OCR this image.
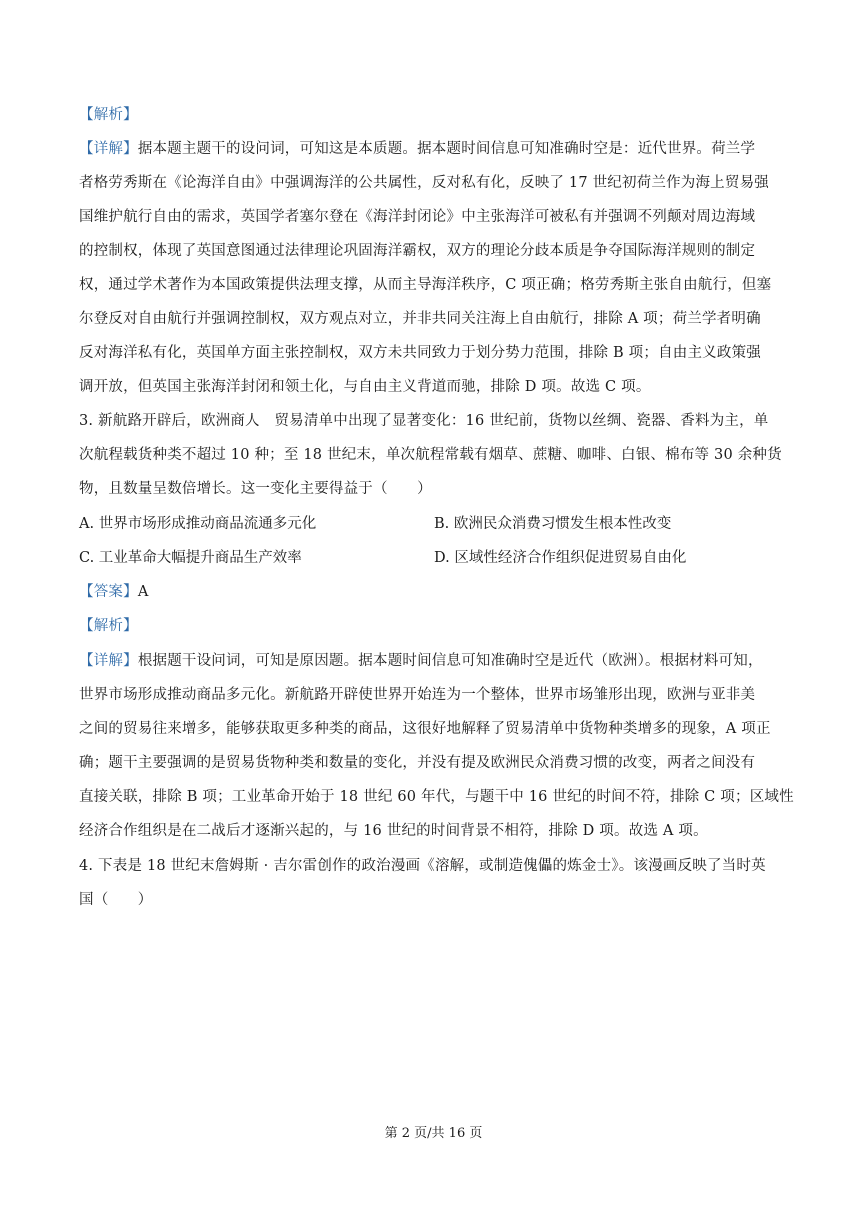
【解析】
【详解】据本题主题干的设问词，可知这是本质题。据本题时间信息可知准确时空是：近代世界。荷兰学
者格劳秀斯在《论海洋自由》中强调海洋的公共属性，反对私有化，反映了 17 世纪初荷兰作为海上贸易强
国维护航行自由的需求，英国学者塞尔登在《海洋封闭论》中主张海洋可被私有并强调不列颠对周边海域
的控制权，体现了英国意图通过法律理论巩固海洋霸权，双方的理论分歧本质是争夺国际海洋规则的制定
权，通过学术著作为本国政策提供法理支撑，从而主导海洋秩序，C 项正确；格劳秀斯主张自由航行，但塞
尔登反对自由航行并强调控制权，双方观点对立，并非共同关注海上自由航行，排除 A 项；荷兰学者明确
反对海洋私有化，英国单方面主张控制权，双方未共同致力于划分势力范围，排除 B 项；自由主义政策强
调开放，但英国主张海洋封闭和领土化，与自由主义背道而驰，排除 D 项。故选 C 项。
3. 新航路开辟后，欧洲商人　贸易清单中出现了显著变化：16 世纪前，货物以丝绸、瓷器、香料为主，单
次航程载货种类不超过 10 种；至 18 世纪末，单次航程常载有烟草、蔗糖、咖啡、白银、棉布等 30 余种货
物，且数量呈数倍增长。这一变化主要得益于（　　）
A. 世界市场形成推动商品流通多元化	B. 欧洲民众消费习惯发生根本性改变
C. 工业革命大幅提升商品生产效率	D. 区域性经济合作组织促进贸易自由化
【答案】A
【解析】
【详解】根据题干设问词，可知是原因题。据本题时间信息可知准确时空是近代（欧洲）。根据材料可知，
世界市场形成推动商品多元化。新航路开辟使世界开始连为一个整体，世界市场雏形出现，欧洲与亚非美
之间的贸易往来增多，能够获取更多种类的商品，这很好地解释了贸易清单中货物种类增多的现象，A 项正
确；题干主要强调的是贸易货物种类和数量的变化，并没有提及欧洲民众消费习惯的改变，两者之间没有
直接关联，排除 B 项；工业革命开始于 18 世纪 60 年代，与题干中 16 世纪的时间不符，排除 C 项；区域性
经济合作组织是在二战后才逐渐兴起的，与 16 世纪的时间背景不相符，排除 D 项。故选 A 项。
4. 下表是 18 世纪末詹姆斯 · 吉尔雷创作的政治漫画《溶解，或制造傀儡的炼金士》。该漫画反映了当时英
国（　　）
第 2 页/共 16 页
